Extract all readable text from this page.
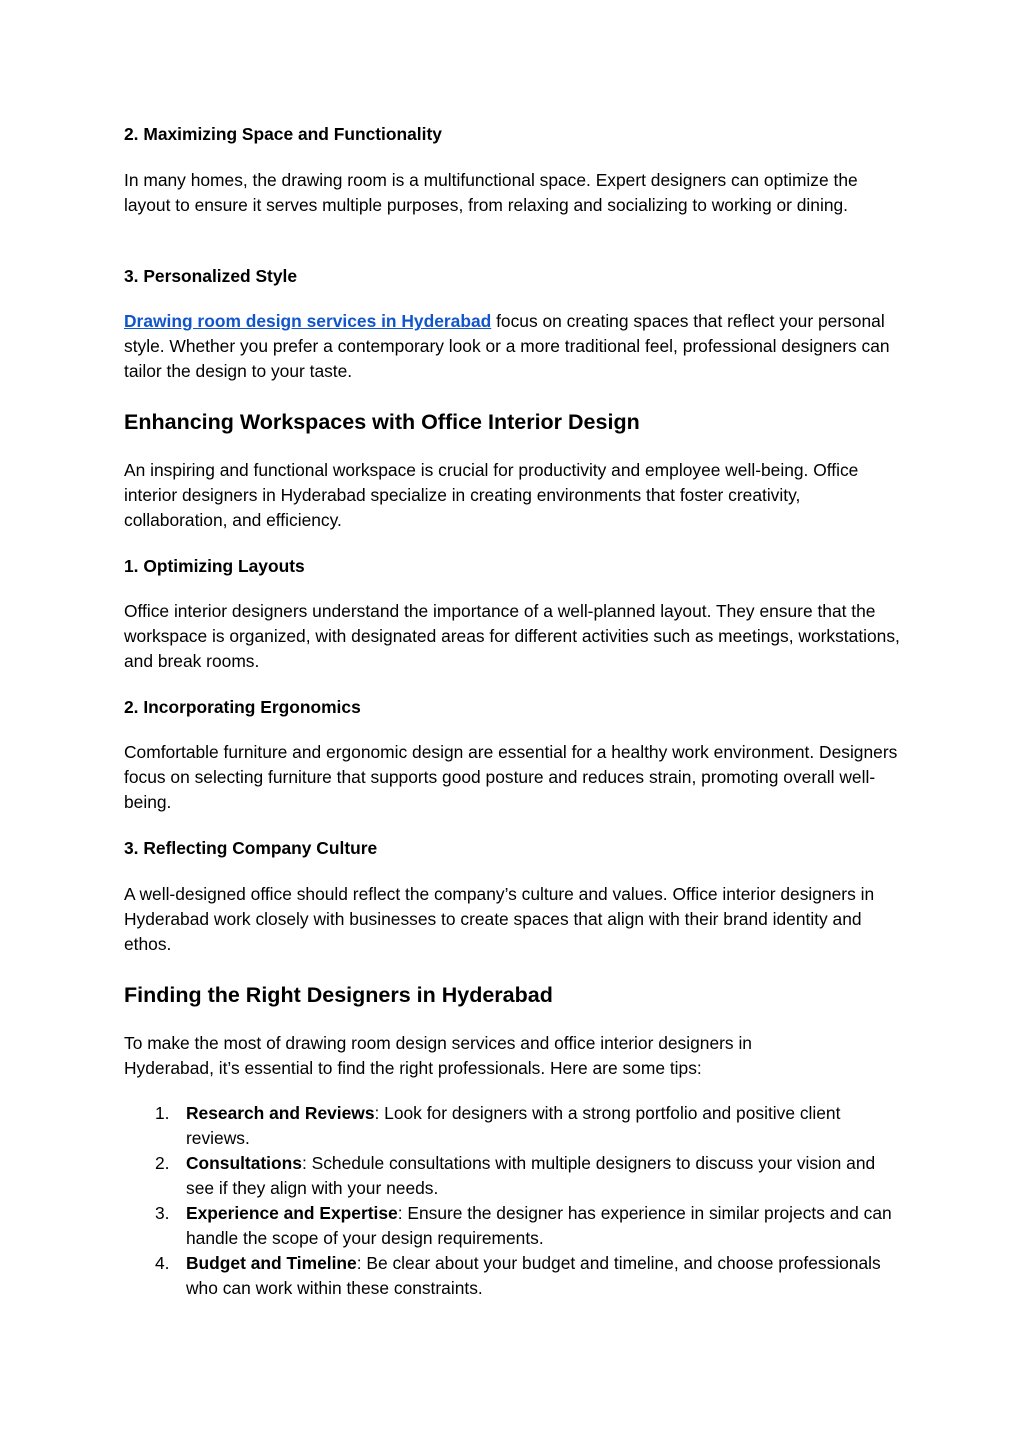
2. Maximizing Space and Functionality

In many homes, the drawing room is a multifunctional space. Expert designers can optimize the layout to ensure it serves multiple purposes, from relaxing and socializing to working or dining.

3. Personalized Style

Drawing room design services in Hyderabad focus on creating spaces that reflect your personal style. Whether you prefer a contemporary look or a more traditional feel, professional designers can tailor the design to your taste.

Enhancing Workspaces with Office Interior Design

An inspiring and functional workspace is crucial for productivity and employee well-being. Office interior designers in Hyderabad specialize in creating environments that foster creativity, collaboration, and efficiency.

1. Optimizing Layouts

Office interior designers understand the importance of a well-planned layout. They ensure that the workspace is organized, with designated areas for different activities such as meetings, workstations, and break rooms.

2. Incorporating Ergonomics

Comfortable furniture and ergonomic design are essential for a healthy work environment. Designers focus on selecting furniture that supports good posture and reduces strain, promoting overall well-being.

3. Reflecting Company Culture

A well-designed office should reflect the company’s culture and values. Office interior designers in Hyderabad work closely with businesses to create spaces that align with their brand identity and ethos.

Finding the Right Designers in Hyderabad

To make the most of drawing room design services and office interior designers in Hyderabad, it’s essential to find the right professionals. Here are some tips:

1. Research and Reviews: Look for designers with a strong portfolio and positive client reviews.
2. Consultations: Schedule consultations with multiple designers to discuss your vision and see if they align with your needs.
3. Experience and Expertise: Ensure the designer has experience in similar projects and can handle the scope of your design requirements.
4. Budget and Timeline: Be clear about your budget and timeline, and choose professionals who can work within these constraints.
